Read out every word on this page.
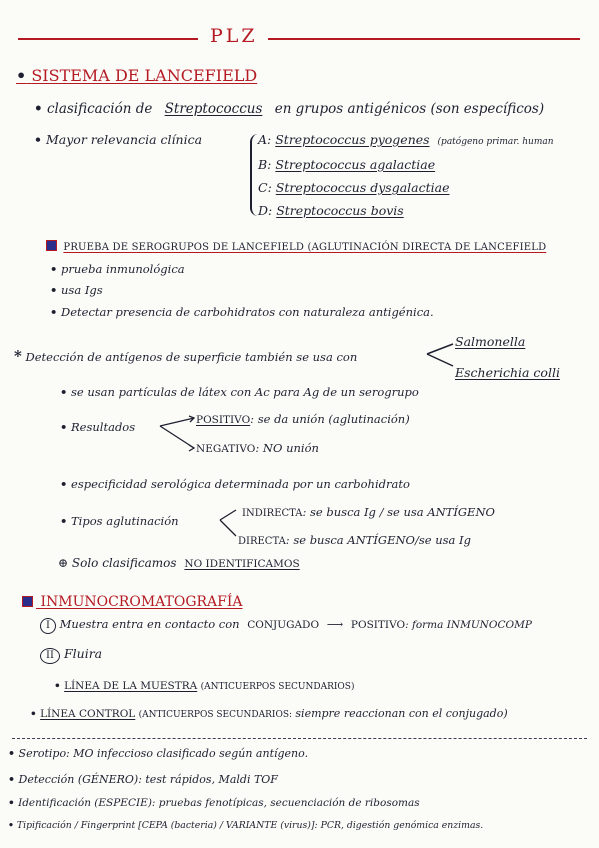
PLZ
• SISTEMA DE LANCEFIELD
• clasificación de Streptococcus en grupos antigénicos (son específicos)
• Mayor relevancia clínica	A: Streptococcus pyogenes (patógeno primar. human
B: Streptococcus agalactiae
C: Streptococcus dysgalactiae
D: Streptococcus bovis
PRUEBA DE SEROGRUPOS DE LANCEFIELD (AGLUTINACIÓN DIRECTA DE LANCEFIELD
• prueba inmunológica
• usa Igs
• Detectar presencia de carbohidratos con naturaleza antigénica.
* Detección de antígenos de superficie también se usa con
Salmonella
Escherichia colli
• se usan partículas de látex con Ac para Ag de un serogrupo
• Resultados	POSITIVO: se da unión (aglutinación)
NEGATIVO: NO unión
• especificidad serológica determinada por un carbohidrato
• Tipos aglutinación
INDIRECTA: se busca Ig / se usa ANTÍGENO
DIRECTA: se busca ANTÍGENO/se usa Ig
⊕ Solo clasificamos NO IDENTIFICAMOS
INMUNOCROMATOGRAFÍA
I Muestra entra en contacto con CONJUGADO ⟶ POSITIVO: forma INMUNOCOMP
II Fluira
• LÍNEA DE LA MUESTRA (ANTICUERPOS SECUNDARIOS)
• LÍNEA CONTROL (ANTICUERPOS SECUNDARIOS: siempre reaccionan con el conjugado)
• Serotipo: MO infeccioso clasificado según antígeno.
• Detección (GÉNERO): test rápidos, Maldi TOF
• Identificación (ESPECIE): pruebas fenotípicas, secuenciación de ribosomas
• Tipificación / Fingerprint [CEPA (bacteria) / VARIANTE (virus)]: PCR, digestión genómica enzimas.
